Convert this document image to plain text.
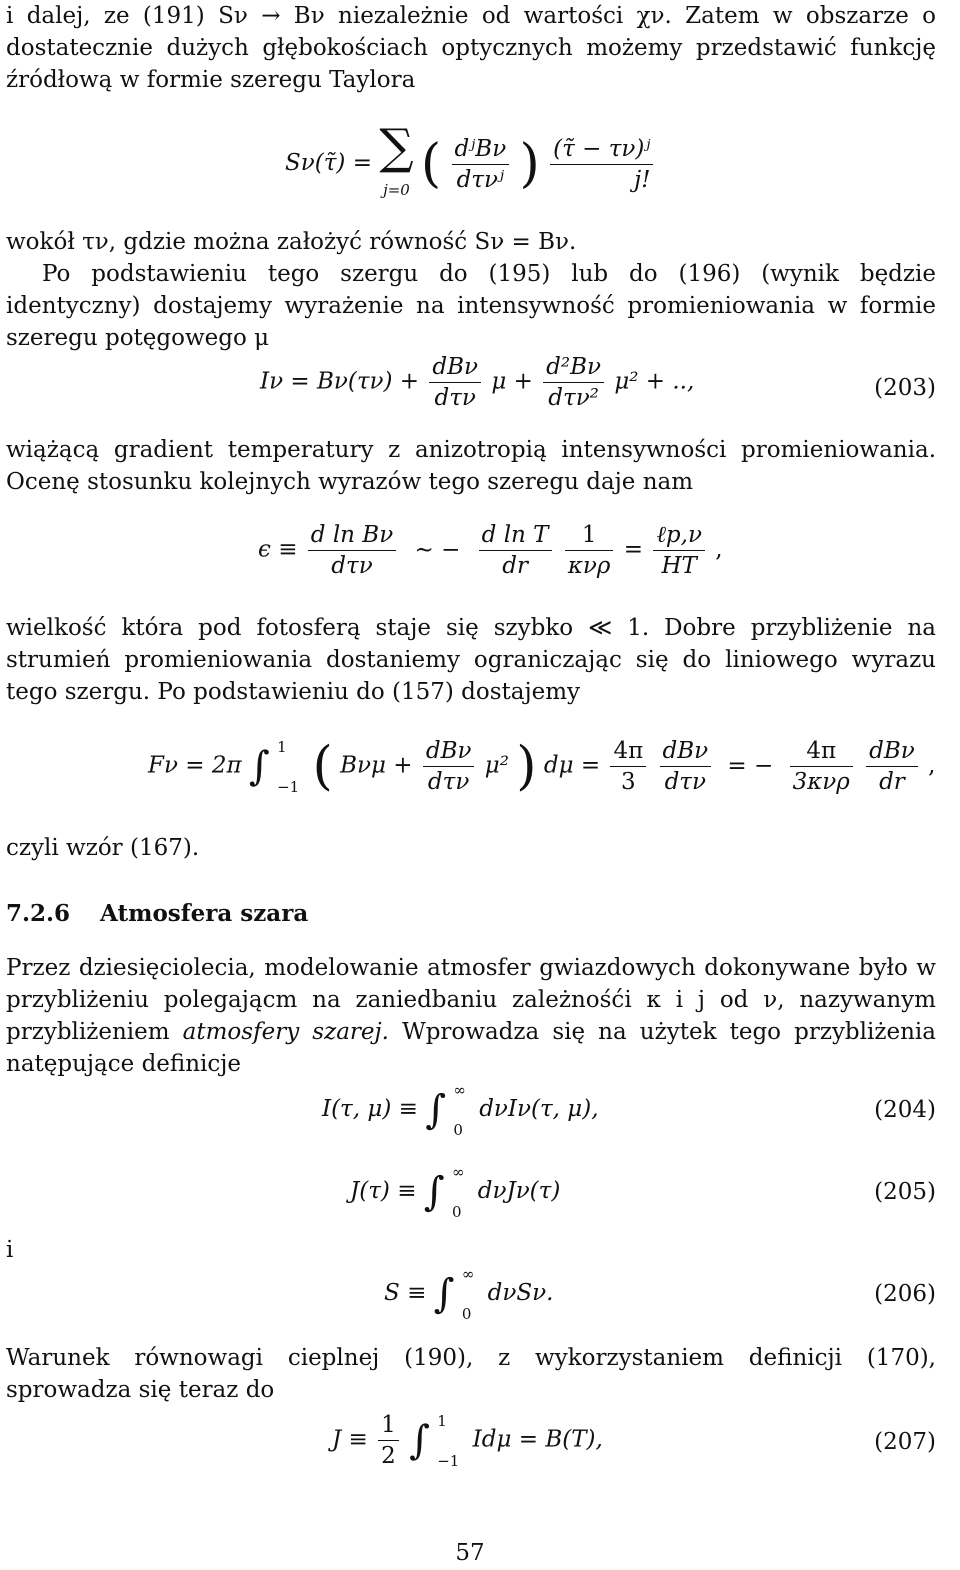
i dalej, ze (191) Sν → Bν niezależnie od wartości χν. Zatem w obszarze o dostatecznie dużych głębokościach optycznych możemy przedstawić funkcję źródłową w formie szeregu Taylora
Sν(τ̃) = ∑
j=0 ( $\frac{\text{dʲBν}}{\text{dτνʲ}}$ ) $\frac{\text{(τ̃ − τν)ʲ}}{j!}$
wokół τν, gdzie można założyć równość Sν = Bν.
Po podstawieniu tego szergu do (195) lub do (196) (wynik będzie identyczny) dostajemy wyrażenie na intensywność promieniowania w formie szeregu potęgowego μ
$I\nu = B\nu(\tau\nu) + \frac{\text{dBν}}{\text{dτν}}$ $\mu + \frac{\text{d²Bν}}{\text{dτν²}} \mu^2$ + ..,	(203)
wiążącą gradient temperatury z anizotropią intensywności promieniowania. Ocenę stosunku kolejnych wyrazów tego szeregu daje nam
$\epsilon \equiv \frac{\text{d ln Bν}}{\text{dτν}}$ ∼ − $\frac{\text{d ln T}}{dr}$
$\frac{1}{\text{κνρ}} = \frac{\text{ℓp,ν}}{HT}$ ,
wielkość która pod fotosferą staje się szybko ≪ 1. Dobre przybliżenie na strumień promieniowania dostaniemy ograniczając się do liniowego wyrazu tego szergu. Po podstawieniu do (157) dostajemy
Fν = 2π ∫ 1

−1 ( $B\nu\mu + \frac{\text{dBν}}{\text{dτν}} \mu^2$ ) $d\mu = \frac{4\pi}{3}$
$\frac{\text{dBν}}{\text{dτν}}$ = − $\frac{4\pi}{\text{3κνρ}}$
$\frac{\text{dBν}}{dr}$ ,
czyli wzór (167).
7.2.6 Atmosfera szara
Przez dziesięciolecia, modelowanie atmosfer gwiazdowych dokonywane było w przybliżeniu polegającm na zaniedbaniu zależnośći κ i j od ν, nazywanym przybliżeniem atmosfery szarej. Wprowadza się na użytek tego przybliżenia natępujące definicje
I(τ, μ) ≡ ∫ ∞

0 dνIν(τ, μ),	(204)
J(τ) ≡ ∫ ∞

0 dνJν(τ)	(205)
i
S ≡ ∫ ∞

0 dνSν.	(206)
Warunek równowagi cieplnej (190), z wykorzystaniem definicji (170), sprowadza się teraz do
$J \equiv \frac{1}{2}$ ∫ 1

−1 Idμ = B(T),	(207)
57
